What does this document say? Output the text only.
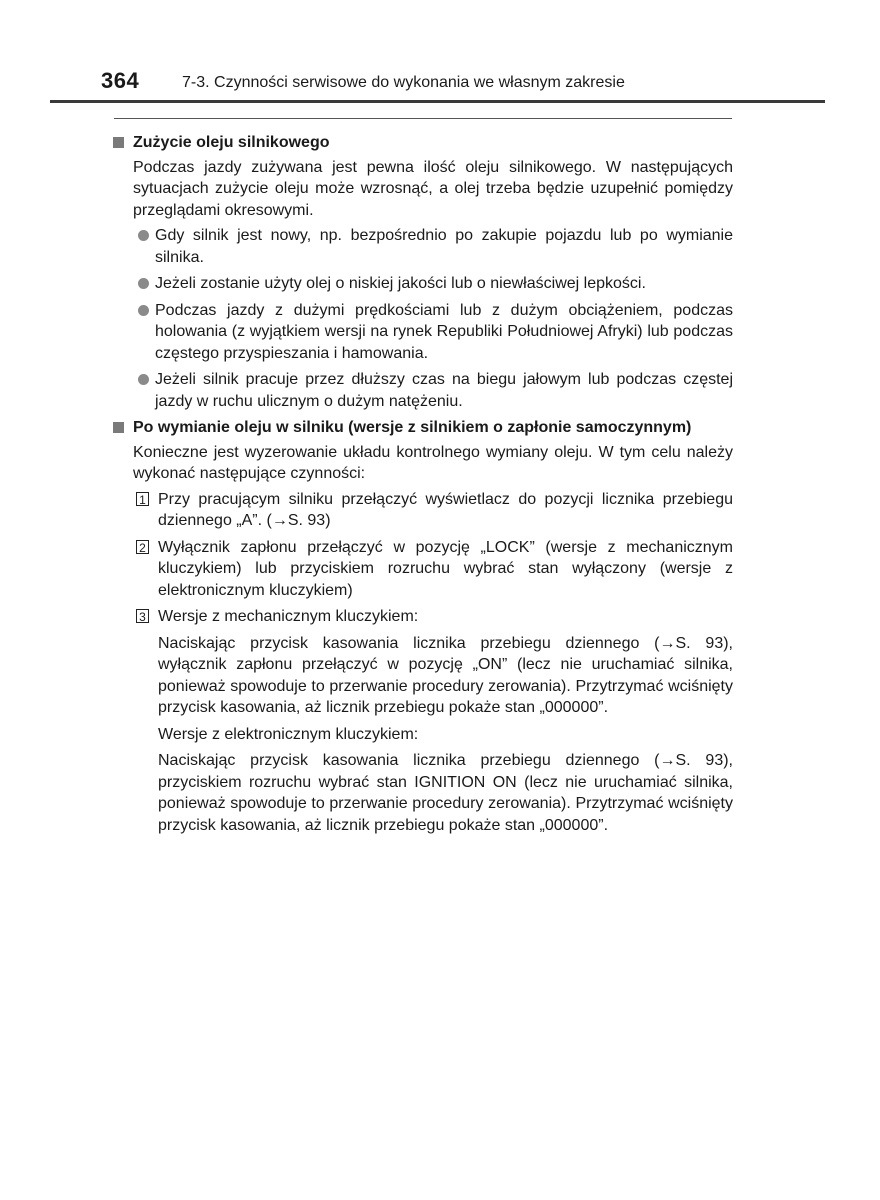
364	7-3. Czynności serwisowe do wykonania we własnym zakresie
Zużycie oleju silnikowego

Podczas jazdy zużywana jest pewna ilość oleju silnikowego. W następujących sytuacjach zużycie oleju może wzrosnąć, a olej trzeba będzie uzupełnić pomiędzy przeglądami okresowymi.

Gdy silnik jest nowy, np. bezpośrednio po zakupie pojazdu lub po wymianie silnika.
Jeżeli zostanie użyty olej o niskiej jakości lub o niewłaściwej lepkości.
Podczas jazdy z dużymi prędkościami lub z dużym obciążeniem, podczas holowania (z wyjątkiem wersji na rynek Republiki Południowej Afryki) lub podczas częstego przyspieszania i hamowania.
Jeżeli silnik pracuje przez dłuższy czas na biegu jałowym lub podczas częstej jazdy w ruchu ulicznym o dużym natężeniu.
Po wymianie oleju w silniku (wersje z silnikiem o zapłonie samoczynnym)

Konieczne jest wyzerowanie układu kontrolnego wymiany oleju. W tym celu należy wykonać następujące czynności:

1 Przy pracującym silniku przełączyć wyświetlacz do pozycji licznika przebiegu dziennego „A”. (→S. 93)
2 Wyłącznik zapłonu przełączyć w pozycję „LOCK” (wersje z mechanicznym kluczykiem) lub przyciskiem rozruchu wybrać stan wyłączony (wersje z elektronicznym kluczykiem)
3 Wersje z mechanicznym kluczykiem:

Naciskając przycisk kasowania licznika przebiegu dziennego (→S. 93), wyłącznik zapłonu przełączyć w pozycję „ON” (lecz nie uruchamiać silnika, ponieważ spowoduje to przerwanie procedury zerowania). Przytrzymać wciśnięty przycisk kasowania, aż licznik przebiegu pokaże stan „000000”.

Wersje z elektronicznym kluczykiem:

Naciskając przycisk kasowania licznika przebiegu dziennego (→S. 93), przyciskiem rozruchu wybrać stan IGNITION ON (lecz nie uruchamiać silnika, ponieważ spowoduje to przerwanie procedury zerowania). Przytrzymać wciśnięty przycisk kasowania, aż licznik przebiegu pokaże stan „000000”.
